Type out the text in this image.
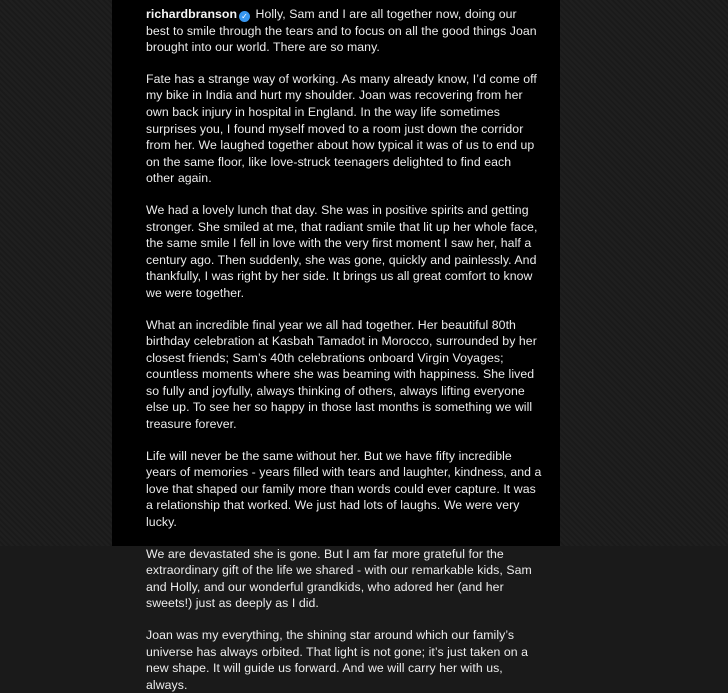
richardbranson ✓ Holly, Sam and I are all together now, doing our best to smile through the tears and to focus on all the good things Joan brought into our world. There are so many.

Fate has a strange way of working. As many already know, I’d come off my bike in India and hurt my shoulder. Joan was recovering from her own back injury in hospital in England. In the way life sometimes surprises you, I found myself moved to a room just down the corridor from her. We laughed together about how typical it was of us to end up on the same floor, like love-struck teenagers delighted to find each other again.

We had a lovely lunch that day. She was in positive spirits and getting stronger. She smiled at me, that radiant smile that lit up her whole face, the same smile I fell in love with the very first moment I saw her, half a century ago. Then suddenly, she was gone, quickly and painlessly. And thankfully, I was right by her side. It brings us all great comfort to know we were together.

What an incredible final year we all had together. Her beautiful 80th birthday celebration at Kasbah Tamadot in Morocco, surrounded by her closest friends; Sam’s 40th celebrations onboard Virgin Voyages; countless moments where she was beaming with happiness. She lived so fully and joyfully, always thinking of others, always lifting everyone else up. To see her so happy in those last months is something we will treasure forever.

Life will never be the same without her. But we have fifty incredible years of memories - years filled with tears and laughter, kindness, and a love that shaped our family more than words could ever capture. It was a relationship that worked. We just had lots of laughs. We were very lucky.

We are devastated she is gone. But I am far more grateful for the extraordinary gift of the life we shared - with our remarkable kids, Sam and Holly, and our wonderful grandkids, who adored her (and her sweets!) just as deeply as I did.

Joan was my everything, the shining star around which our family’s universe has always orbited. That light is not gone; it’s just taken on a new shape. It will guide us forward. And we will carry her with us, always.
